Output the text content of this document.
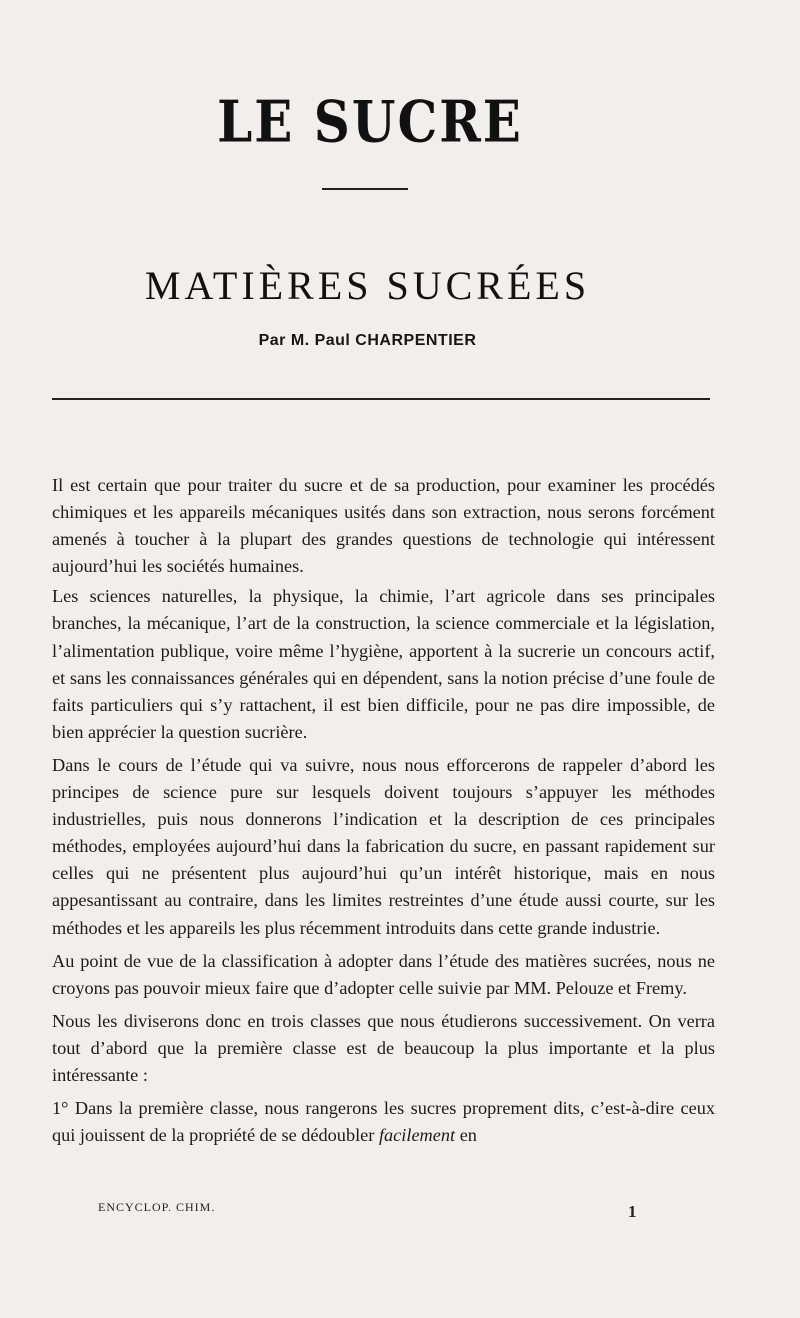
LE SUCRE
MATIÈRES SUCRÉES
Par M. Paul CHARPENTIER

Il est certain que pour traiter du sucre et de sa production, pour examiner les procédés chimiques et les appareils mécaniques usités dans son extraction, nous serons forcément amenés à toucher à la plupart des grandes questions de technologie qui intéressent aujourd’hui les sociétés humaines.

Les sciences naturelles, la physique, la chimie, l’art agricole dans ses principales branches, la mécanique, l’art de la construction, la science commerciale et la législation, l’alimentation publique, voire même l’hygiène, apportent à la sucrerie un concours actif, et sans les connaissances générales qui en dépendent, sans la notion précise d’une foule de faits particuliers qui s’y rattachent, il est bien difficile, pour ne pas dire impossible, de bien apprécier la question sucrière.

Dans le cours de l’étude qui va suivre, nous nous efforcerons de rappeler d’abord les principes de science pure sur lesquels doivent toujours s’appuyer les méthodes industrielles, puis nous donnerons l’indication et la description de ces principales méthodes, employées aujourd’hui dans la fabrication du sucre, en passant rapidement sur celles qui ne présentent plus aujourd’hui qu’un intérêt historique, mais en nous appesantissant au contraire, dans les limites restreintes d’une étude aussi courte, sur les méthodes et les appareils les plus récemment introduits dans cette grande industrie.

Au point de vue de la classification à adopter dans l’étude des matières sucrées, nous ne croyons pas pouvoir mieux faire que d’adopter celle suivie par MM. Pelouze et Fremy.

Nous les diviserons donc en trois classes que nous étudierons successivement. On verra tout d’abord que la première classe est de beaucoup la plus importante et la plus intéressante :

1° Dans la première classe, nous rangerons les sucres proprement dits, c’est-à-dire ceux qui jouissent de la propriété de se dédoubler facilement en

ENCYCLOP. CHIM.	1
